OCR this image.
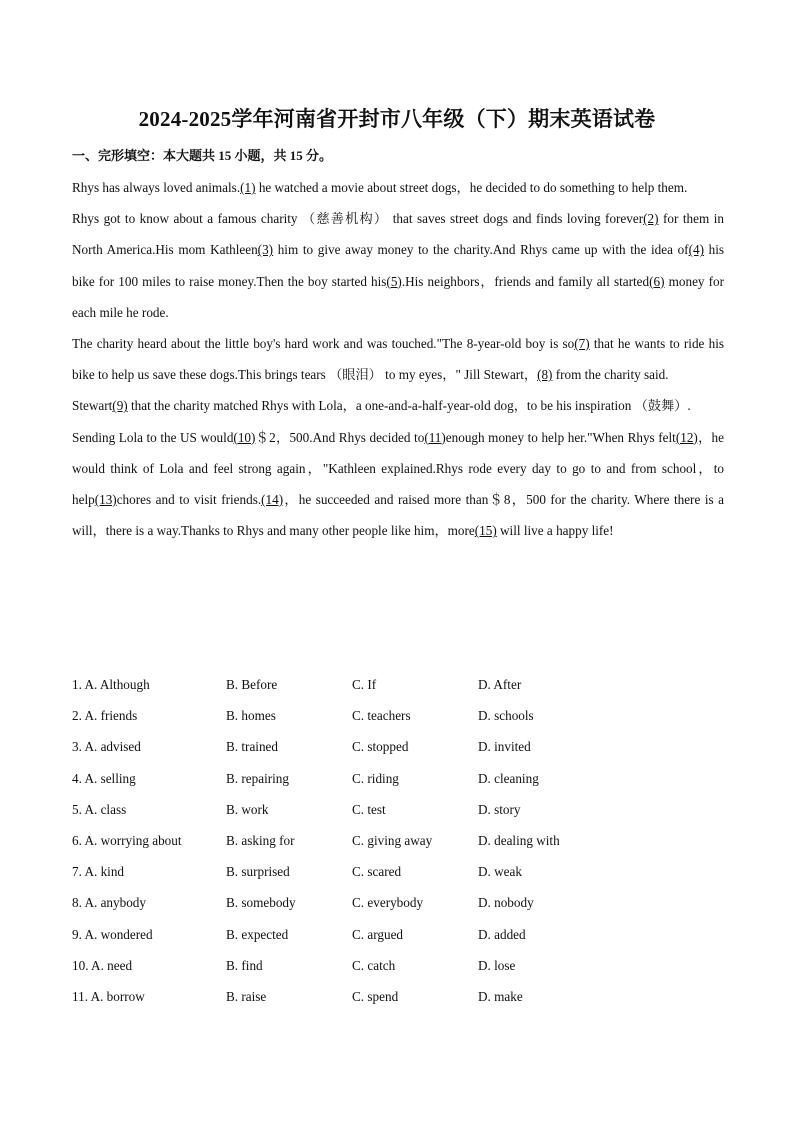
2024-2025学年河南省开封市八年级（下）期末英语试卷
一、完形填空：本大题共 15 小题，共 15 分。

Rhys has always loved animals.(1) he watched a movie about street dogs，he decided to do something to help them.

Rhys got to know about a famous charity （慈善机构） that saves street dogs and finds loving forever(2) for them in North America.His mom Kathleen(3) him to give away money to the charity.And Rhys came up with the idea of(4) his bike for 100 miles to raise money.Then the boy started his(5).His neighbors，friends and family all started(6) money for each mile he rode.

The charity heard about the little boy's hard work and was touched."The 8-year-old boy is so(7) that he wants to ride his bike to help us save these dogs.This brings tears （眼泪） to my eyes，" Jill Stewart，(8) from the charity said.

Stewart(9) that the charity matched Rhys with Lola，a one-and-a-half-year-old dog，to be his inspiration （鼓舞）.

Sending Lola to the US would(10)＄2，500.And Rhys decided to(11)enough money to help her."When Rhys felt(12)，he would think of Lola and feel strong again，"Kathleen explained.Rhys rode every day to go to and from school，to help(13)chores and to visit friends.(14)，he succeeded and raised more than＄8，500 for the charity. Where there is a will，there is a way.Thanks to Rhys and many other people like him，more(15) will live a happy life!

1. A. Although	B. Before	C. If	D. After
2. A. friends	B. homes	C. teachers	D. schools
3. A. advised	B. trained	C. stopped	D. invited
4. A. selling	B. repairing	C. riding	D. cleaning
5. A. class	B. work	C. test	D. story
6. A. worrying about	B. asking for	C. giving away	D. dealing with
7. A. kind	B. surprised	C. scared	D. weak
8. A. anybody	B. somebody	C. everybody	D. nobody
9. A. wondered	B. expected	C. argued	D. added
10. A. need	B. find	C. catch	D. lose
11. A. borrow	B. raise	C. spend	D. make
